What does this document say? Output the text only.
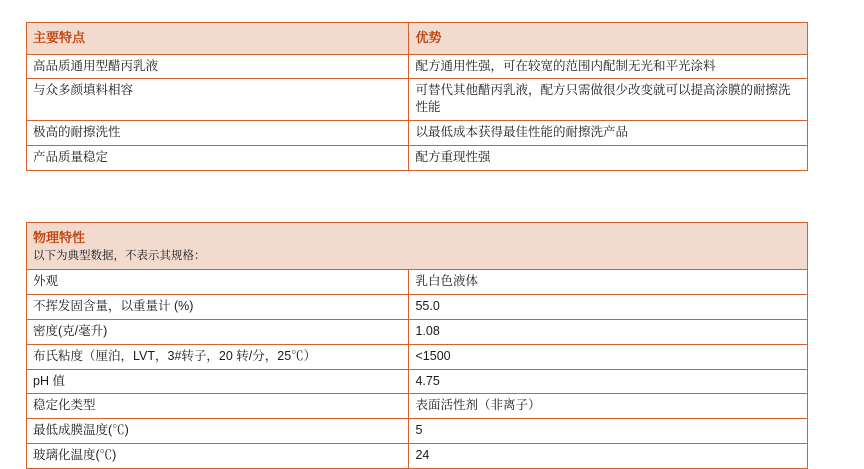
主要特点	优势
高品质通用型醋丙乳液	配方通用性强，可在较宽的范围内配制无光和平光涂料
与众多颜填料相容	可替代其他醋丙乳液，配方只需做很少改变就可以提高涂膜的耐擦洗性能
极高的耐擦洗性	以最低成本获得最佳性能的耐擦洗产品
产品质量稳定	配方重现性强
物理特性
以下为典型数据，不表示其规格：	

外观	乳白色液体
不挥发固含量，以重量计 (%)	55.0
密度(克/毫升)	1.08
布氏粘度（厘泊，LVT，3#转子，20 转/分，25℃）	<1500
pH 值	4.75
稳定化类型	表面活性剂（非离子）
最低成膜温度(℃)	5
玻璃化温度(℃)	24
